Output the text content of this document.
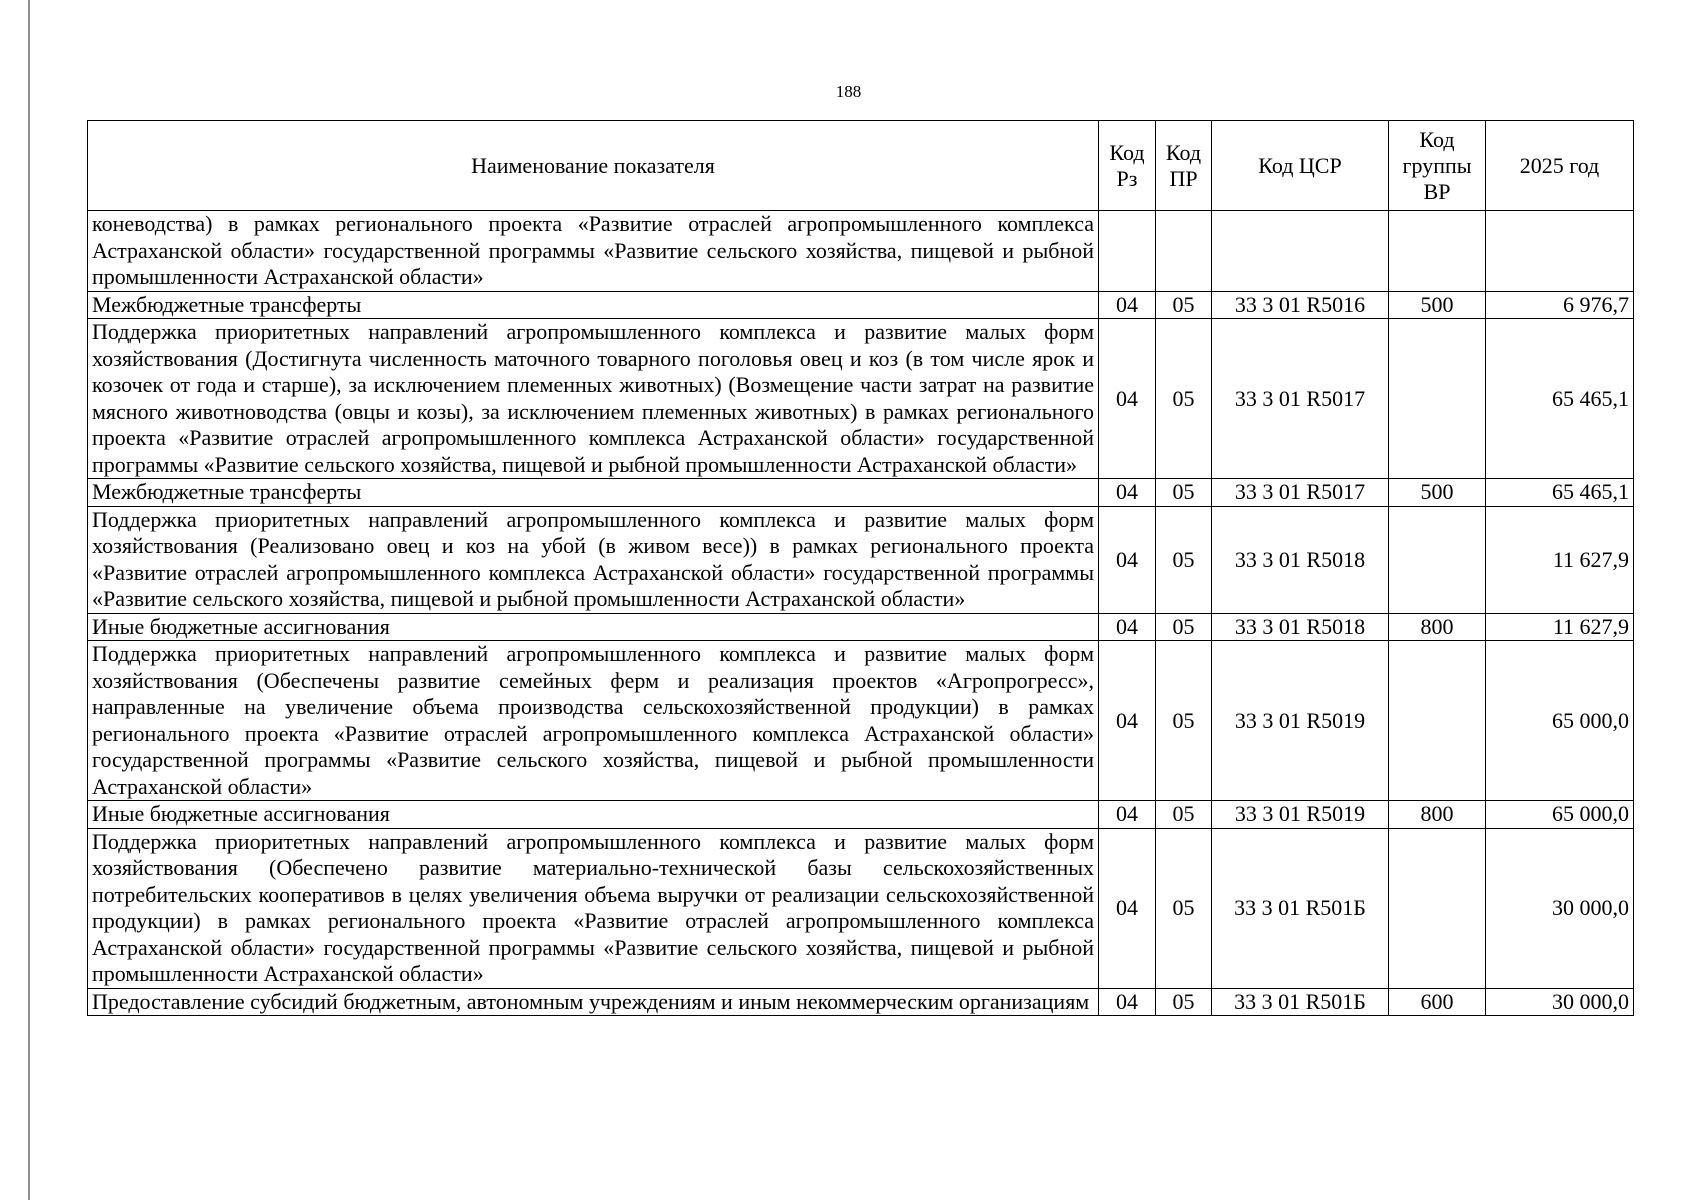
188
Наименование показателя	Код Рз	Код ПР	Код ЦСР	Код группы ВР	2025 год
коневодства) в рамках регионального проекта «Развитие отраслей агропромышленного комплекса Астраханской области» государственной программы «Развитие сельского хозяйства, пищевой и рыбной промышленности Астраханской области»					
Межбюджетные трансферты	04	05	33 3 01 R5016	500	6 976,7
Поддержка приоритетных направлений агропромышленного комплекса и развитие малых форм хозяйствования (Достигнута численность маточного товарного поголовья овец и коз (в том числе ярок и козочек от года и старше), за исключением племенных животных) (Возмещение части затрат на развитие мясного животноводства (овцы и козы), за исключением племенных животных) в рамках регионального проекта «Развитие отраслей агропромышленного комплекса Астраханской области» государственной программы «Развитие сельского хозяйства, пищевой и рыбной промышленности Астраханской области»	04	05	33 3 01 R5017		65 465,1
Межбюджетные трансферты	04	05	33 3 01 R5017	500	65 465,1
Поддержка приоритетных направлений агропромышленного комплекса и развитие малых форм хозяйствования (Реализовано овец и коз на убой (в живом весе)) в рамках регионального проекта «Развитие отраслей агропромышленного комплекса Астраханской области» государственной программы «Развитие сельского хозяйства, пищевой и рыбной промышленности Астраханской области»	04	05	33 3 01 R5018		11 627,9
Иные бюджетные ассигнования	04	05	33 3 01 R5018	800	11 627,9
Поддержка приоритетных направлений агропромышленного комплекса и развитие малых форм хозяйствования (Обеспечены развитие семейных ферм и реализация проектов «Агропрогресс», направленные на увеличение объема производства сельскохозяйственной продукции) в рамках регионального проекта «Развитие отраслей агропромышленного комплекса Астраханской области» государственной программы «Развитие сельского хозяйства, пищевой и рыбной промышленности Астраханской области»	04	05	33 3 01 R5019		65 000,0
Иные бюджетные ассигнования	04	05	33 3 01 R5019	800	65 000,0
Поддержка приоритетных направлений агропромышленного комплекса и развитие малых форм хозяйствования (Обеспечено развитие материально-технической базы сельскохозяйственных потребительских кооперативов в целях увеличения объема выручки от реализации сельскохозяйственной продукции) в рамках регионального проекта «Развитие отраслей агропромышленного комплекса Астраханской области» государственной программы «Развитие сельского хозяйства, пищевой и рыбной промышленности Астраханской области»	04	05	33 3 01 R501Б		30 000,0
Предоставление субсидий бюджетным, автономным учреждениям и иным некоммерческим организациям	04	05	33 3 01 R501Б	600	30 000,0
